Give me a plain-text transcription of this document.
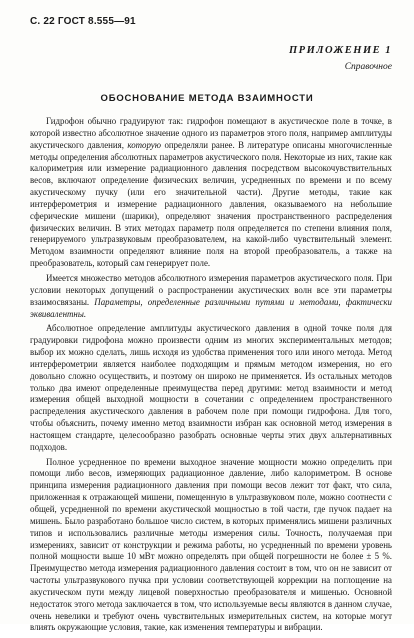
С. 22 ГОСТ 8.555—91
ПРИЛОЖЕНИЕ 1
Справочное
ОБОСНОВАНИЕ МЕТОДА ВЗАИМНОСТИ

Гидрофон обычно градуируют так: гидрофон помещают в акустическое поле в точке, в которой известно абсолютное значение одного из параметров этого поля, например амплитуды акустического давления, которую определяли ранее. В литературе описаны многочисленные методы определения абсолютных параметров акустического поля. Некоторые из них, такие как калориметрия или измерение радиационного давления посредством высокочувствительных весов, включают определение физических величин, усредненных по времени и по всему акустическому пучку (или его значительной части). Другие методы, такие как интерферометрия и измерение радиационного давления, оказываемого на небольшие сферические мишени (шарики), определяют значения пространственного распределения физических величин. В этих методах параметр поля определяется по степени влияния поля, генерируемого ультразвуковым преобразователем, на какой-либо чувствительный элемент. Методом взаимности определяют влияние поля на второй преобразователь, а также на преобразователь, который сам генерирует поле.

Имеется множество методов абсолютного измерения параметров акустического поля. При условии некоторых допущений о распространении акустических волн все эти параметры взаимосвязаны. Параметры, определенные различными путями и методами, фактически эквивалентны.

Абсолютное определение амплитуды акустического давления в одной точке поля для градуировки гидрофона можно произвести одним из многих экспериментальных методов; выбор их можно сделать, лишь исходя из удобства применения того или иного метода. Метод интерферометрии является наиболее подходящим и прямым методом измерения, но его довольно сложно осуществить, и поэтому он широко не применяется. Из остальных методов только два имеют определенные преимущества перед другими: метод взаимности и метод измерения общей выходной мощности в сочетании с определением пространственного распределения акустического давления в рабочем поле при помощи гидрофона. Для того, чтобы объяснить, почему именно метод взаимности избран как основной метод измерения в настоящем стандарте, целесообразно разобрать основные черты этих двух альтернативных подходов.

Полное усредненное по времени выходное значение мощности можно определить при помощи либо весов, измеряющих радиационное давление, либо калориметром. В основе принципа измерения радиационного давления при помощи весов лежит тот факт, что сила, приложенная к отражающей мишени, помещенную в ультразвуковом поле, можно соотнести с общей, усредненной по времени акустической мощностью в той части, где пучок падает на мишень. Было разработано большое число систем, в которых применялись мишени различных типов и использовались различные методы измерения силы. Точность, получаемая при измерениях, зависит от конструкции и режима работы, но усредненный по времени уровень полной мощности выше 10 мВт можно определять при общей погрешности не более ± 5 %. Преимущество метода измерения радиационного давления состоит в том, что он не зависит от частоты ультразвукового пучка при условии соответствующей коррекции на поглощение на акустическом пути между лицевой поверхностью преобразователя и мишенью. Основной недостаток этого метода заключается в том, что используемые весы являются в данном случае, очень невелики и требуют очень чувствительных измерительных систем, на которые могут влиять окружающие условия, такие, как изменения температуры и вибрации.
